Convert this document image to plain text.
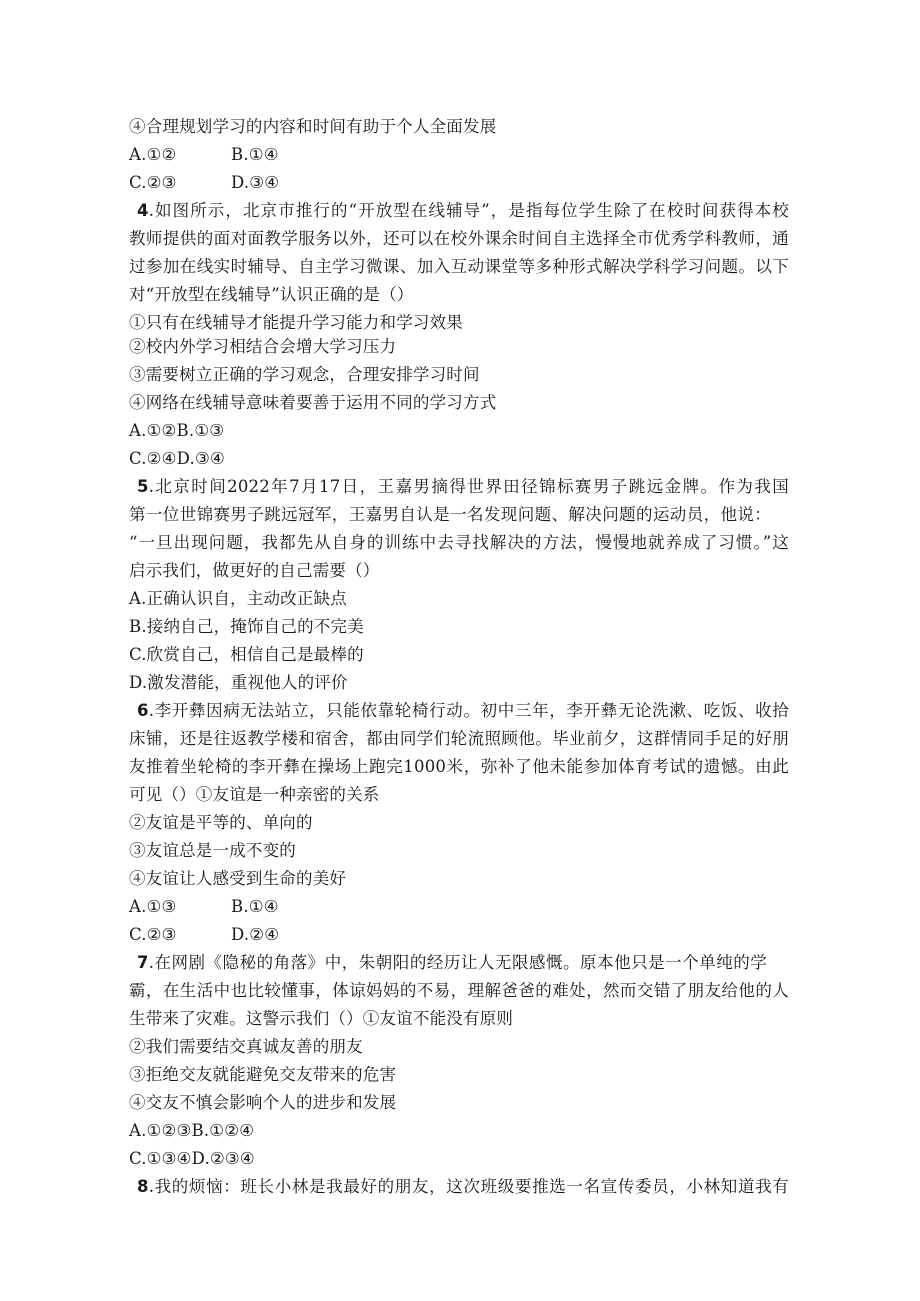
④合理规划学习的内容和时间有助于个人全面发展
A.①②	B.①④
C.②③	D.③④
4.如图所示，北京市推行的“开放型在线辅导”，是指每位学生除了在校时间获得本校
教师提供的面对面教学服务以外，还可以在校外课余时间自主选择全市优秀学科教师，通
过参加在线实时辅导、自主学习微课、加入互动课堂等多种形式解决学科学习问题。以下
对“开放型在线辅导”认识正确的是（）
①只有在线辅导才能提升学习能力和学习效果
②校内外学习相结合会增大学习压力
③需要树立正确的学习观念，合理安排学习时间
④网络在线辅导意味着要善于运用不同的学习方式
A.①②B.①③
C.②④D.③④
5.北京时间2022年7月17日，王嘉男摘得世界田径锦标赛男子跳远金牌。作为我国
第一位世锦赛男子跳远冠军，王嘉男自认是一名发现问题、解决问题的运动员，他说：
“一旦出现问题，我都先从自身的训练中去寻找解决的方法，慢慢地就养成了习惯。”这
启示我们，做更好的自己需要（）
A.正确认识自，主动改正缺点
B.接纳自己，掩饰自己的不完美
C.欣赏自己，相信自己是最棒的
D.激发潜能，重视他人的评价
6.李开彝因病无法站立，只能依靠轮椅行动。初中三年，李开彝无论洗漱、吃饭、收拾
床铺，还是往返教学楼和宿舍，都由同学们轮流照顾他。毕业前夕，这群情同手足的好朋
友推着坐轮椅的李开彝在操场上跑完1000米，弥补了他未能参加体育考试的遗憾。由此
可见（）①友谊是一种亲密的关系
②友谊是平等的、单向的
③友谊总是一成不变的
④友谊让人感受到生命的美好
A.①③	B.①④
C.②③	D.②④
7.在网剧《隐秘的角落》中，朱朝阳的经历让人无限感慨。原本他只是一个单纯的学
霸，在生活中也比较懂事，体谅妈妈的不易，理解爸爸的难处，然而交错了朋友给他的人
生带来了灾难。这警示我们（）①友谊不能没有原则
②我们需要结交真诚友善的朋友
③拒绝交友就能避免交友带来的危害
④交友不慎会影响个人的进步和发展
A.①②③B.①②④
C.①③④D.②③④
8.我的烦恼：班长小林是我最好的朋友，这次班级要推选一名宣传委员，小林知道我有
